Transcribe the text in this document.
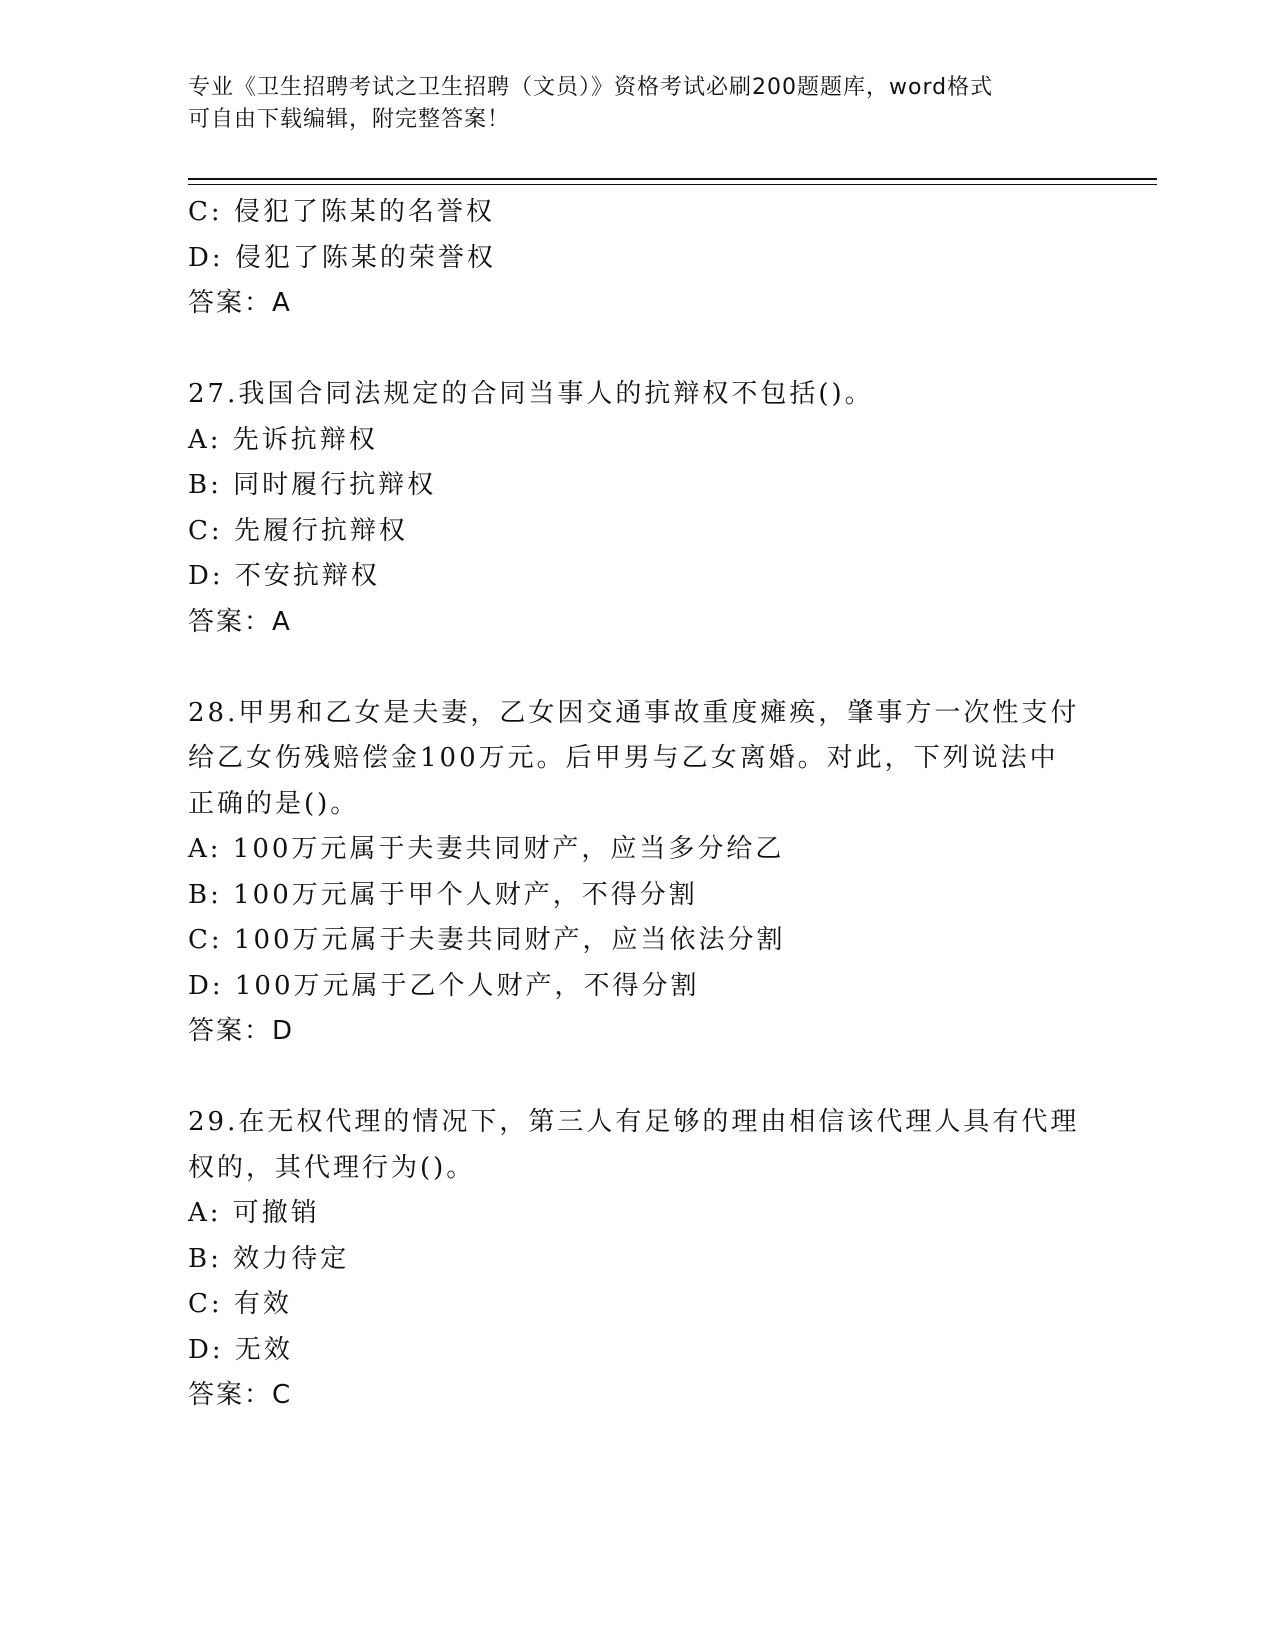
专业《卫生招聘考试之卫生招聘（文员）》资格考试必刷200题题库，word格式

可自由下载编辑，附完整答案！

C: 侵犯了陈某的名誉权

D: 侵犯了陈某的荣誉权

答案：A

27.我国合同法规定的合同当事人的抗辩权不包括()。

A: 先诉抗辩权

B: 同时履行抗辩权

C: 先履行抗辩权

D: 不安抗辩权

答案：A

28.甲男和乙女是夫妻，乙女因交通事故重度瘫痪，肇事方一次性支付
给乙女伤残赔偿金100万元。后甲男与乙女离婚。对此，下列说法中
正确的是()。

A: 100万元属于夫妻共同财产，应当多分给乙

B: 100万元属于甲个人财产，不得分割

C: 100万元属于夫妻共同财产，应当依法分割

D: 100万元属于乙个人财产，不得分割

答案：D

29.在无权代理的情况下，第三人有足够的理由相信该代理人具有代理
权的，其代理行为()。

A: 可撤销

B: 效力待定

C: 有效

D: 无效

答案：C
